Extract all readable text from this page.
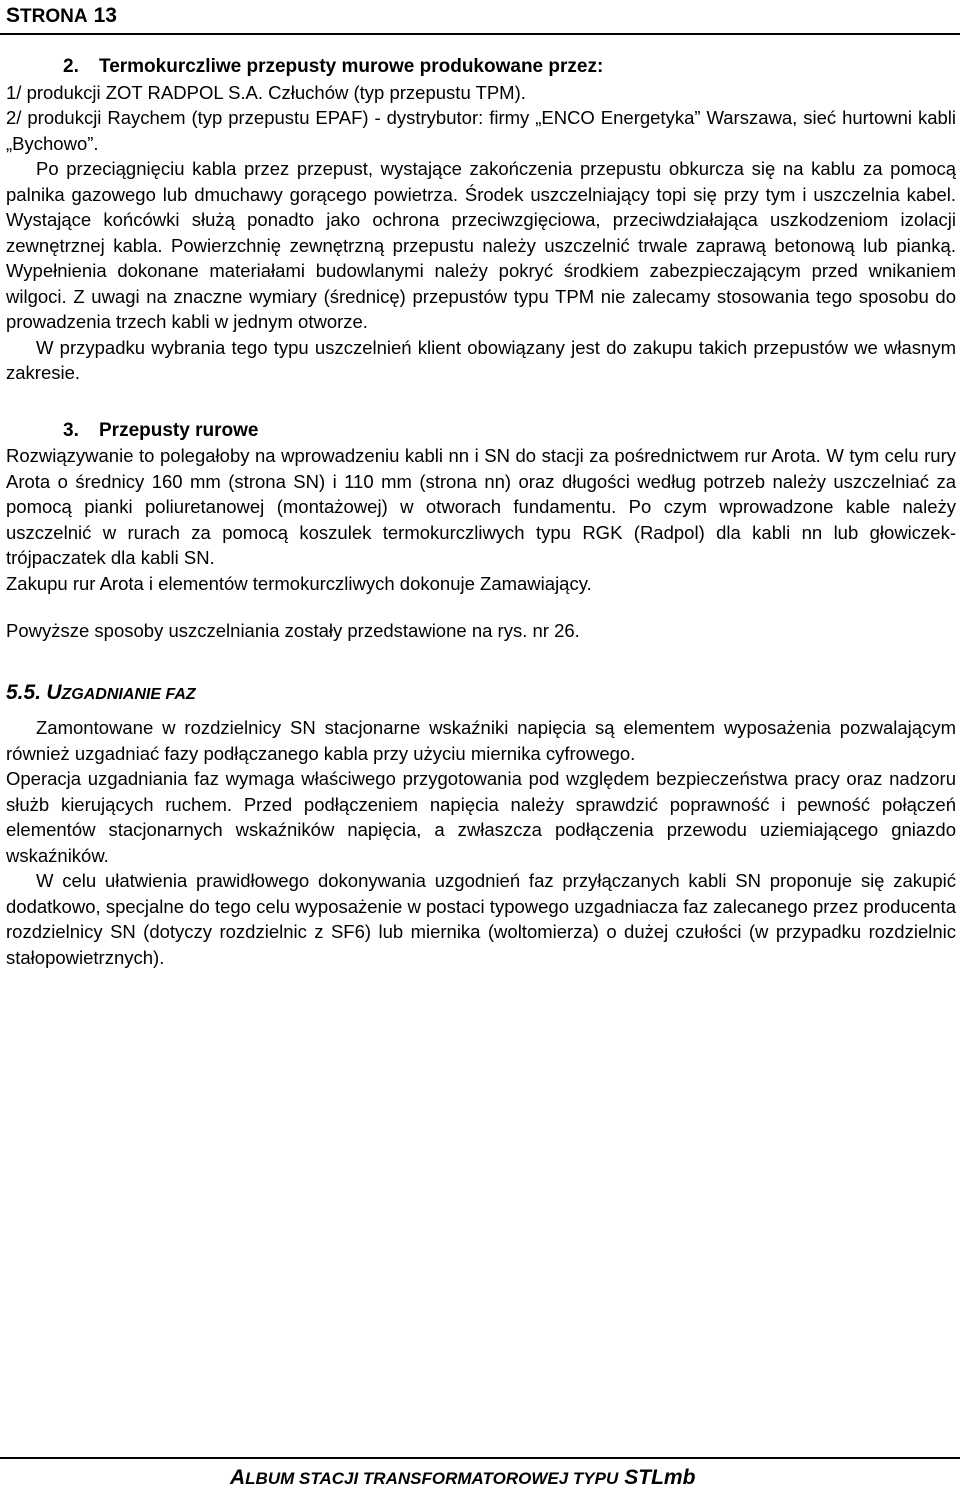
STRONA 13

2. Termokurczliwe przepusty murowe produkowane przez:

1/ produkcji ZOT RADPOL S.A. Człuchów (typ przepustu TPM).

2/ produkcji Raychem (typ przepustu EPAF) - dystrybutor: firmy „ENCO Energetyka” Warszawa, sieć hurtowni kabli „Bychowo”.

Po przeciągnięciu kabla przez przepust, wystające zakończenia przepustu obkurcza się na kablu za pomocą palnika gazowego lub dmuchawy gorącego powietrza. Środek uszczelniający topi się przy tym i uszczelnia kabel. Wystające końcówki służą ponadto jako ochrona przeciwzgięciowa, przeciwdziałająca uszkodzeniom izolacji zewnętrznej kabla. Powierzchnię zewnętrzną przepustu należy uszczelnić trwale zaprawą betonową lub pianką. Wypełnienia dokonane materiałami budowlanymi należy pokryć środkiem zabezpieczającym przed wnikaniem wilgoci. Z uwagi na znaczne wymiary (średnicę) przepustów typu TPM nie zalecamy stosowania tego sposobu do prowadzenia trzech kabli w jednym otworze.

W przypadku wybrania tego typu uszczelnień klient obowiązany jest do zakupu takich przepustów we własnym zakresie.

3. Przepusty rurowe

Rozwiązywanie to polegałoby na wprowadzeniu kabli nn i SN do stacji za pośrednictwem rur Arota. W tym celu rury Arota o średnicy 160 mm (strona SN) i 110 mm (strona nn) oraz długości według potrzeb należy uszczelniać za pomocą pianki poliuretanowej (montażowej) w otworach fundamentu. Po czym wprowadzone kable należy uszczelnić w rurach za pomocą koszulek termokurczliwych typu RGK (Radpol) dla kabli nn lub głowiczek-trójpaczatek dla kabli SN.

Zakupu rur Arota i elementów termokurczliwych dokonuje Zamawiający.

Powyższe sposoby uszczelniania zostały przedstawione na rys. nr 26.

5.5. UZGADNIANIE FAZ

Zamontowane w rozdzielnicy SN stacjonarne wskaźniki napięcia są elementem wyposażenia pozwalającym również uzgadniać fazy podłączanego kabla przy użyciu miernika cyfrowego.

Operacja uzgadniania faz wymaga właściwego przygotowania pod względem bezpieczeństwa pracy oraz nadzoru służb kierujących ruchem. Przed podłączeniem napięcia należy sprawdzić poprawność i pewność połączeń elementów stacjonarnych wskaźników napięcia, a zwłaszcza podłączenia przewodu uziemiającego gniazdo wskaźników.

W celu ułatwienia prawidłowego dokonywania uzgodnień faz przyłączanych kabli SN proponuje się zakupić dodatkowo, specjalne do tego celu wyposażenie w postaci typowego uzgadniacza faz zalecanego przez producenta rozdzielnicy SN (dotyczy rozdzielnic z SF6) lub miernika (woltomierza) o dużej czułości (w przypadku rozdzielnic stałopowietrznych).

ALBUM STACJI TRANSFORMATOROWEJ TYPU STLmb
